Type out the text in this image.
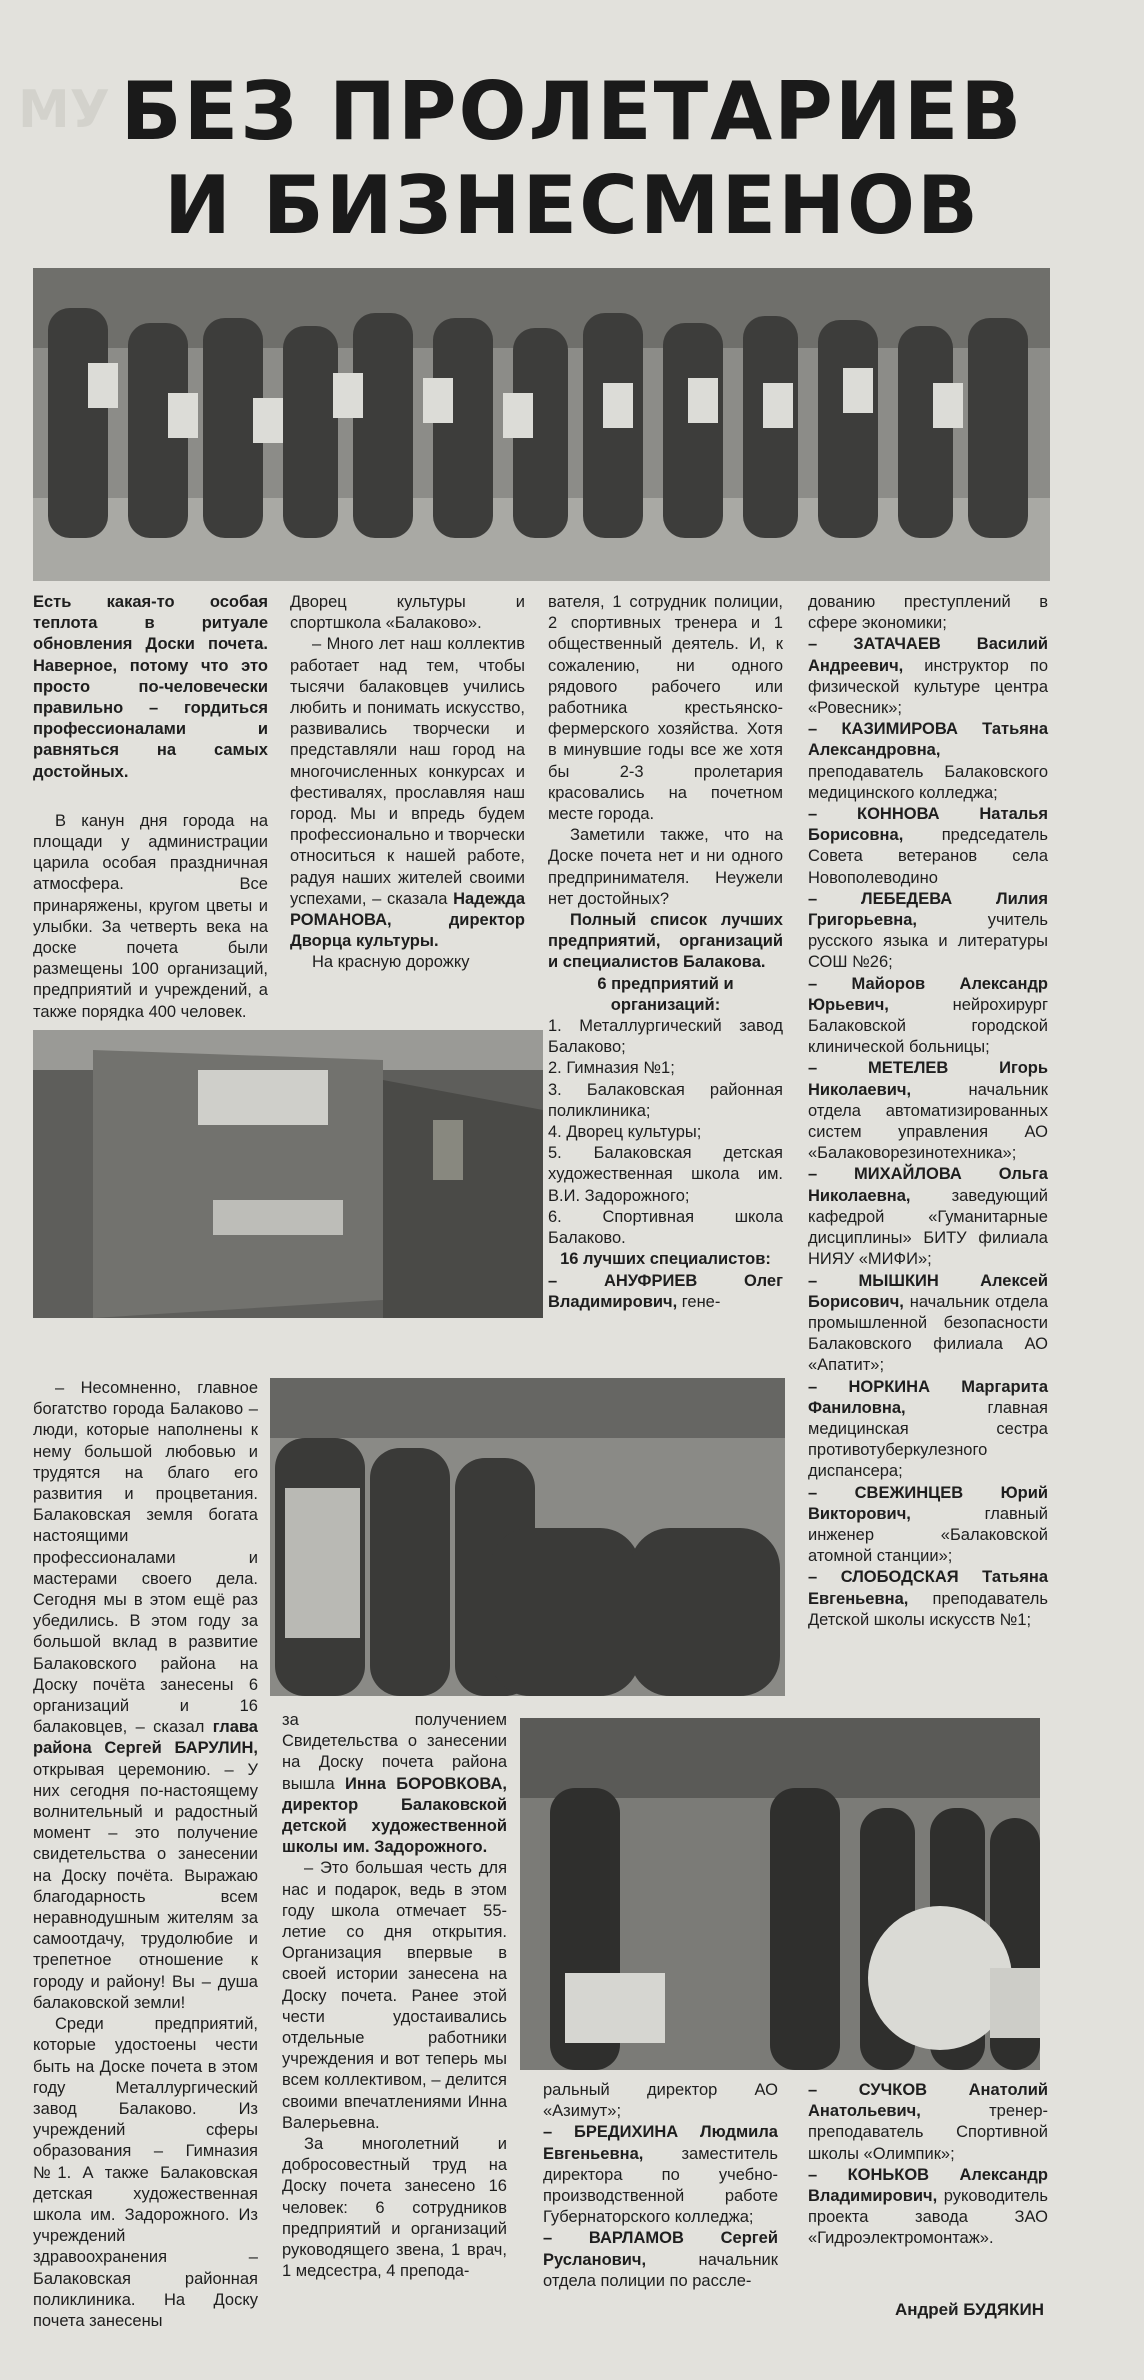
МУ БЕЗ ПРОЛЕТАРИЕВ
И БИЗНЕСМЕНОВ

Есть какая-то особая теплота в ритуале обновления Доски почета. Наверное, потому что это просто по-человечески правильно – гордиться профессионалами и равняться на самых достойных.

В канун дня города на площади у администрации царила особая праздничная атмосфера. Все принаряжены, кругом цветы и улыбки. За четверть века на доске почета были размещены 100 организаций, предприятий и учреждений, а также порядка 400 человек.

Дворец культуры и спортшкола «Балаково».

– Много лет наш коллектив работает над тем, чтобы тысячи балаковцев учились любить и понимать искусство, развивались творчески и представляли наш город на многочисленных конкурсах и фестивалях, прославляя наш город. Мы и впредь будем профессионально и творчески относиться к нашей работе, радуя наших жителей своими успехами, – сказала Надежда РОМАНОВА, директор Дворца культуры.

На красную дорожку

вателя, 1 сотрудник полиции, 2 спортивных тренера и 1 общественный деятель. И, к сожалению, ни одного рядового рабочего или работника крестьянско-фермерского хозяйства. Хотя в минувшие годы все же хотя бы 2-3 пролетария красовались на почетном месте города.

Заметили также, что на Доске почета нет и ни одного предпринимателя. Неужели нет достойных?

Полный список лучших предприятий, организаций и специалистов Балакова.

6 предприятий и организаций:

1. Металлургический завод Балаково;

2. Гимназия №1;

3. Балаковская районная поликлиника;

4. Дворец культуры;

5. Балаковская детская художественная школа им. В.И. Задорожного;

6. Спортивная школа Балаково.

16 лучших специалистов:

– АНУФРИЕВ Олег Владимирович, гене-

дованию преступлений в сфере экономики;

– ЗАТАЧАЕВ Василий Андреевич, инструктор по физической культуре центра «Ровесник»;

– КАЗИМИРОВА Татьяна Александровна, преподаватель Балаковского медицинского колледжа;

– КОННОВА Наталья Борисовна, председатель Совета ветеранов села Новополеводино

– ЛЕБЕДЕВА Лилия Григорьевна, учитель русского языка и литературы СОШ №26;

– Майоров Александр Юрьевич, нейрохирург Балаковской городской клинической больницы;

– МЕТЕЛЕВ Игорь Николаевич, начальник отдела автоматизированных систем управления АО «Балаковорезинотехника»;

– МИХАЙЛОВА Ольга Николаевна, заведующий кафедрой «Гуманитарные дисциплины» БИТУ филиала НИЯУ «МИФИ»;

– МЫШКИН Алексей Борисович, начальник отдела промышленной безопасности Балаковского филиала АО «Апатит»;

– НОРКИНА Маргарита Фаниловна, главная медицинская сестра противотуберкулезного диспансера;

– СВЕЖИНЦЕВ Юрий Викторович, главный инженер «Балаковской атомной станции»;

– СЛОБОДСКАЯ Татьяна Евгеньевна, преподаватель Детской школы искусств №1;

– Несомненно, главное богатство города Балаково – люди, которые наполнены к нему большой любовью и трудятся на благо его развития и процветания. Балаковская земля богата настоящими профессионалами и мастерами своего дела. Сегодня мы в этом ещё раз убедились. В этом году за большой вклад в развитие Балаковского района на Доску почёта занесены 6 организаций и 16 балаковцев, – сказал глава района Сергей БАРУЛИН, открывая церемонию. – У них сегодня по-настоящему волнительный и радостный момент – это получение свидетельства о занесении на Доску почёта. Выражаю благодарность всем неравнодушным жителям за самоотдачу, трудолюбие и трепетное отношение к городу и району! Вы – душа балаковской земли!

Среди предприятий, которые удостоены чести быть на Доске почета в этом году Металлургический завод Балаково. Из учреждений сферы образования – Гимназия №1. А также Балаковская детская художественная школа им. Задорожного. Из учреждений здравоохранения – Балаковская районная поликлиника. На Доску почета занесены

за получением Свидетельства о занесении на Доску почета района вышла Инна БОРОВКОВА, директор Балаковской детской художественной школы им. Задорожного.

– Это большая честь для нас и подарок, ведь в этом году школа отмечает 55-летие со дня открытия. Организация впервые в своей истории занесена на Доску почета. Ранее этой чести удостаивались отдельные работники учреждения и вот теперь мы всем коллективом, – делится своими впечатлениями Инна Валерьевна.

За многолетний и добросовестный труд на Доску почета занесено 16 человек: 6 сотрудников предприятий и организаций руководящего звена, 1 врач, 1 медсестра, 4 препода-

ральный директор АО «Азимут»;

– БРЕДИХИНА Людмила Евгеньевна, заместитель директора по учебно-производственной работе Губернаторского колледжа;

– ВАРЛАМОВ Сергей Русланович, начальник отдела полиции по рассле-

– СУЧКОВ Анатолий Анатольевич, тренер-преподаватель Спортивной школы «Олимпик»;

– КОНЬКОВ Александр Владимирович, руководитель проекта завода ЗАО «Гидроэлектромонтаж».

Андрей БУДЯКИН
